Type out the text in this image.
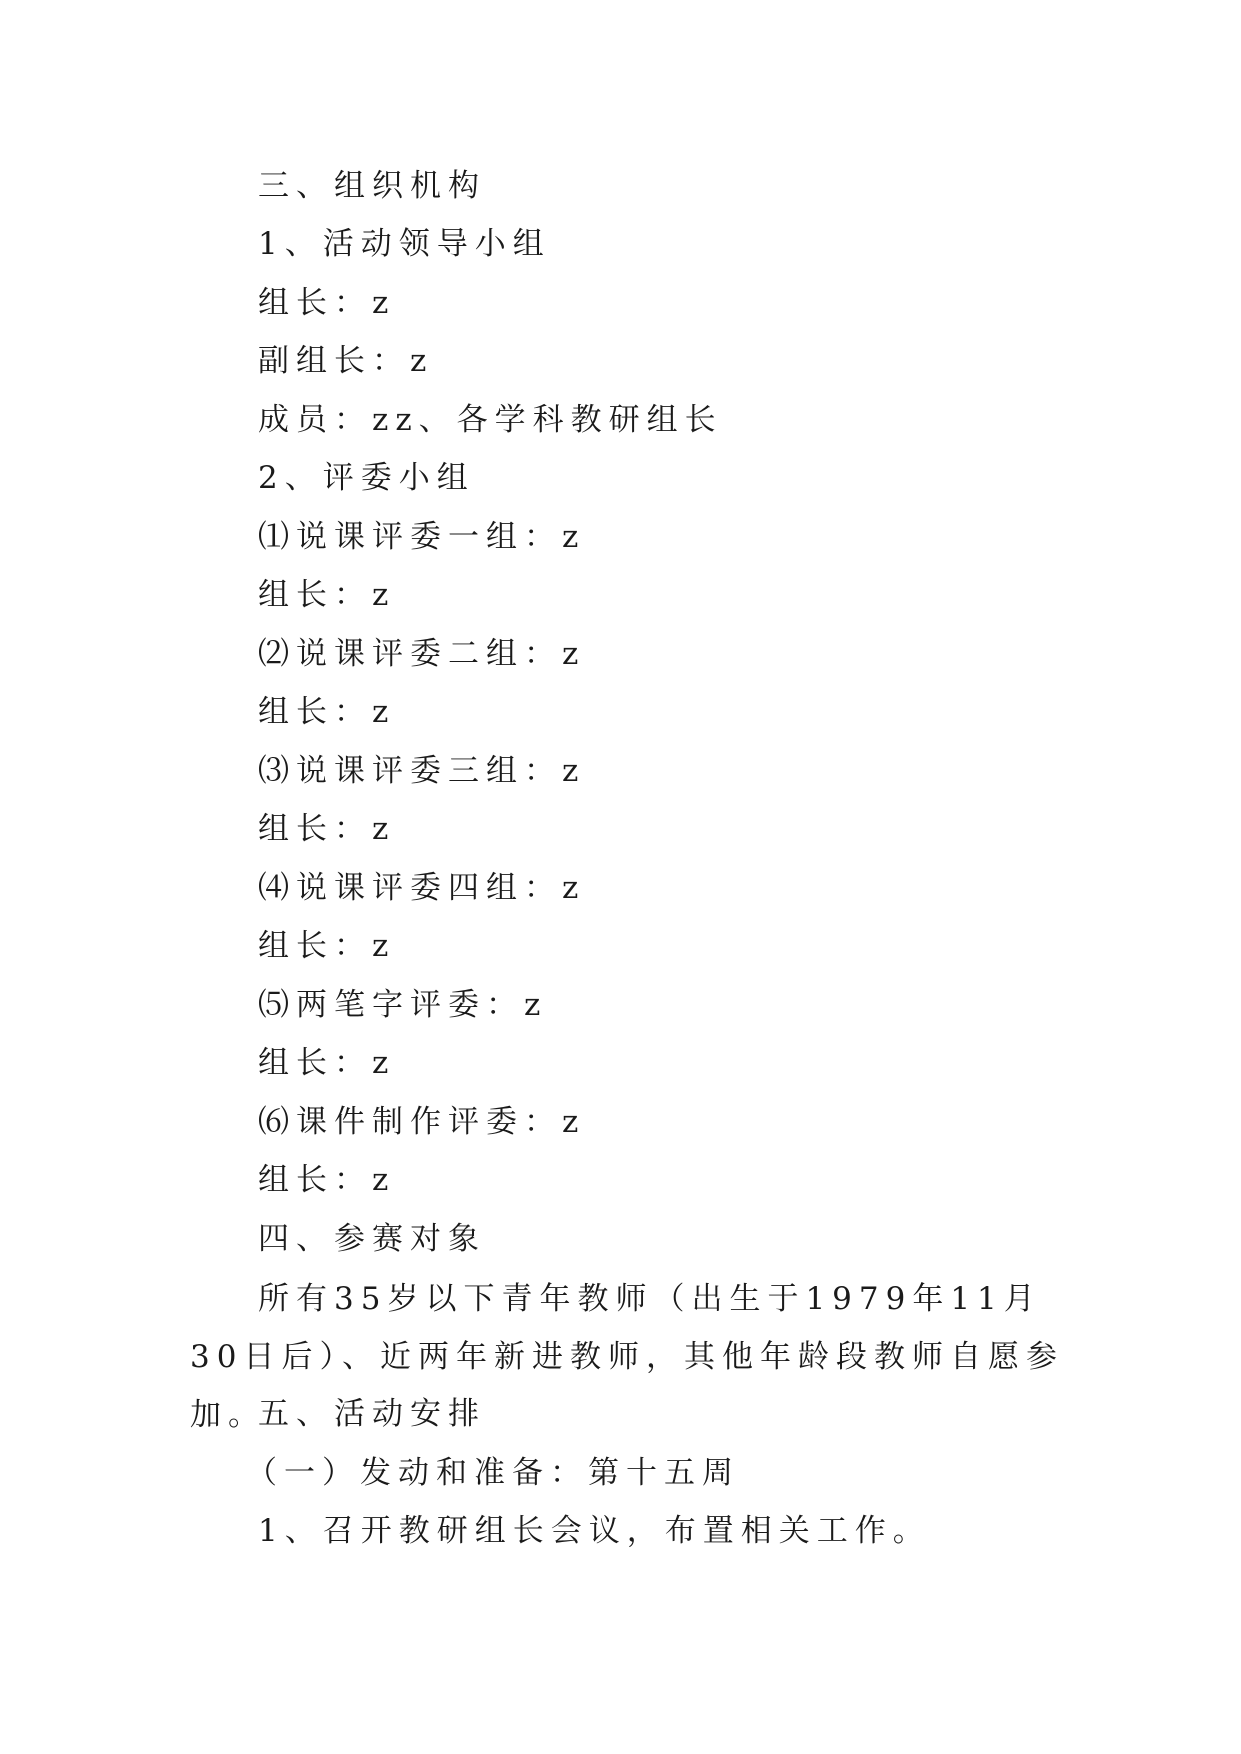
三、组织机构
1、活动领导小组
组长：z
副组长：z
成员：zz、各学科教研组长
2、评委小组
⑴说课评委一组：z
组长：z
⑵说课评委二组：z
组长：z
⑶说课评委三组：z
组长：z
⑷说课评委四组：z
组长：z
⑸两笔字评委：z
组长：z
⑹课件制作评委：z
组长：z
四、参赛对象
所有35岁以下青年教师（出生于1979年11月30日后）、近两年新进教师，其他年龄段教师自愿参加。
五、活动安排
（一）发动和准备：第十五周
1、召开教研组长会议，布置相关工作。
